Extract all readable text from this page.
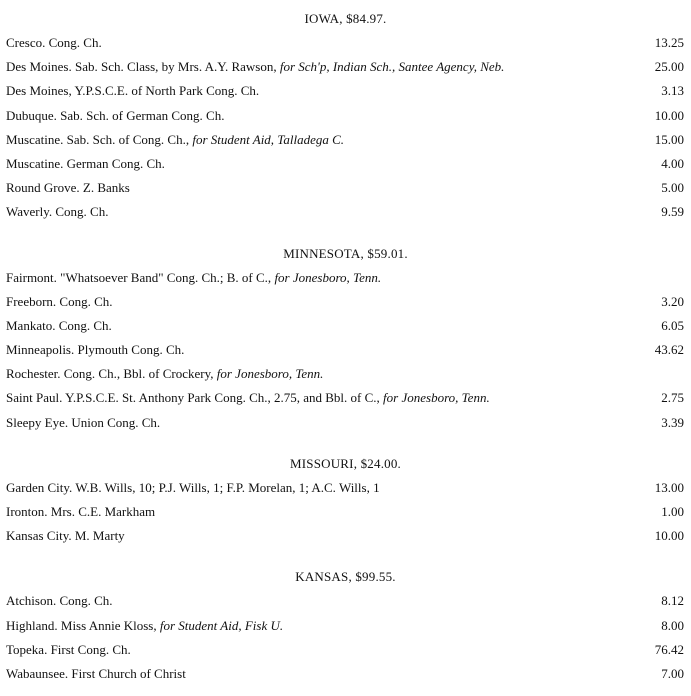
IOWA, $84.97.
Cresco. Cong. Ch.	13.25
Des Moines. Sab. Sch. Class, by Mrs. A.Y. Rawson, for Sch'p, Indian Sch., Santee Agency, Neb.	25.00
Des Moines, Y.P.S.C.E. of North Park Cong. Ch.	3.13
Dubuque. Sab. Sch. of German Cong. Ch.	10.00
Muscatine. Sab. Sch. of Cong. Ch., for Student Aid, Talladega C.	15.00
Muscatine. German Cong. Ch.	4.00
Round Grove. Z. Banks	5.00
Waverly. Cong. Ch.	9.59
MINNESOTA, $59.01.
Fairmont. "Whatsoever Band" Cong. Ch.; B. of C., for Jonesboro, Tenn.
Freeborn. Cong. Ch.	3.20
Mankato. Cong. Ch.	6.05
Minneapolis. Plymouth Cong. Ch.	43.62
Rochester. Cong. Ch., Bbl. of Crockery, for Jonesboro, Tenn.
Saint Paul. Y.P.S.C.E. St. Anthony Park Cong. Ch., 2.75, and Bbl. of C., for Jonesboro, Tenn.	2.75
Sleepy Eye. Union Cong. Ch.	3.39
MISSOURI, $24.00.
Garden City. W.B. Wills, 10; P.J. Wills, 1; F.P. Morelan, 1; A.C. Wills, 1	13.00
Ironton. Mrs. C.E. Markham	1.00
Kansas City. M. Marty	10.00
KANSAS, $99.55.
Atchison. Cong. Ch.	8.12
Highland. Miss Annie Kloss, for Student Aid, Fisk U.	8.00
Topeka. First Cong. Ch.	76.42
Wabaunsee. First Church of Christ	7.00
